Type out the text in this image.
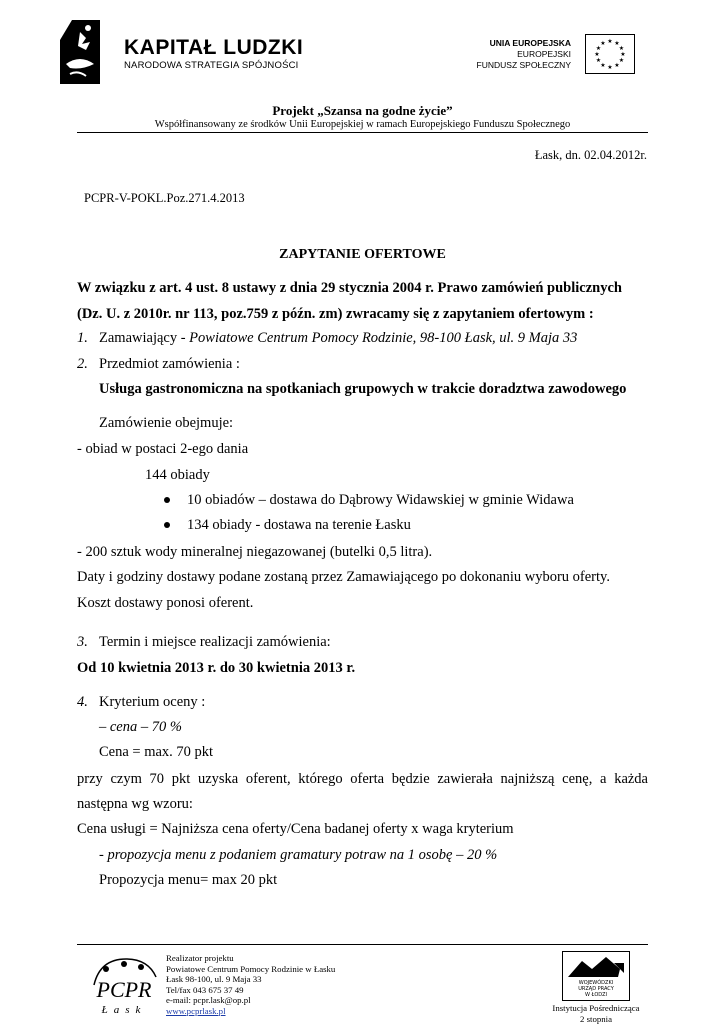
KAPITAŁ LUDZKI
NARODOWA STRATEGIA SPÓJNOŚCI
UNIA EUROPEJSKA
EUROPEJSKI
FUNDUSZ SPOŁECZNY
★ ★
★
★
★
★
★
★
★
★
★
★
Projekt „Szansa na godne życie”
Współfinansowany ze środków Unii Europejskiej w ramach Europejskiego Funduszu Społecznego
Łask, dn. 02.04.2012r.
PCPR-V-POKL.Poz.271.4.2013
ZAPYTANIE OFERTOWE
W związku z art. 4 ust. 8 ustawy z dnia 29 stycznia 2004 r. Prawo zamówień publicznych
(Dz. U. z 2010r. nr 113, poz.759 z późn. zm) zwracamy się z zapytaniem ofertowym :
1. Zamawiający - Powiatowe Centrum Pomocy Rodzinie, 98-100 Łask, ul. 9 Maja 33
2. Przedmiot zamówienia :
Usługa gastronomiczna na spotkaniach grupowych w trakcie doradztwa zawodowego
Zamówienie obejmuje:
- obiad w postaci 2-ego dania
144 obiady
10 obiadów – dostawa do Dąbrowy Widawskiej w gminie Widawa
134 obiady - dostawa na terenie Łasku
- 200 sztuk wody mineralnej niegazowanej (butelki 0,5 litra).
Daty i godziny dostawy podane zostaną przez Zamawiającego po dokonaniu wyboru oferty.
Koszt dostawy ponosi oferent.
3. Termin i miejsce realizacji zamówienia:
Od 10 kwietnia 2013 r. do 30 kwietnia 2013 r.
4. Kryterium oceny :
– cena – 70 %
Cena = max. 70 pkt
przy czym 70 pkt uzyska oferent, którego oferta będzie zawierała najniższą cenę, a każda
następna wg wzoru:
Cena usługi = Najniższa cena oferty/Cena badanej oferty x waga kryterium
- propozycja menu z podaniem gramatury potraw na 1 osobę – 20 %
Propozycja menu= max 20 pkt
PCPR
Łask
Realizator projektu
Powiatowe Centrum Pomocy Rodzinie w Łasku
Łask 98-100, ul. 9 Maja 33
Tel/fax 043 675 37 49
e-mail: pcpr.lask@op.pl
www.pcprlask.pl
WOJEWÓDZKI
URZĄD PRACY
W ŁODZI
Instytucja Pośrednicząca
2 stopnia
